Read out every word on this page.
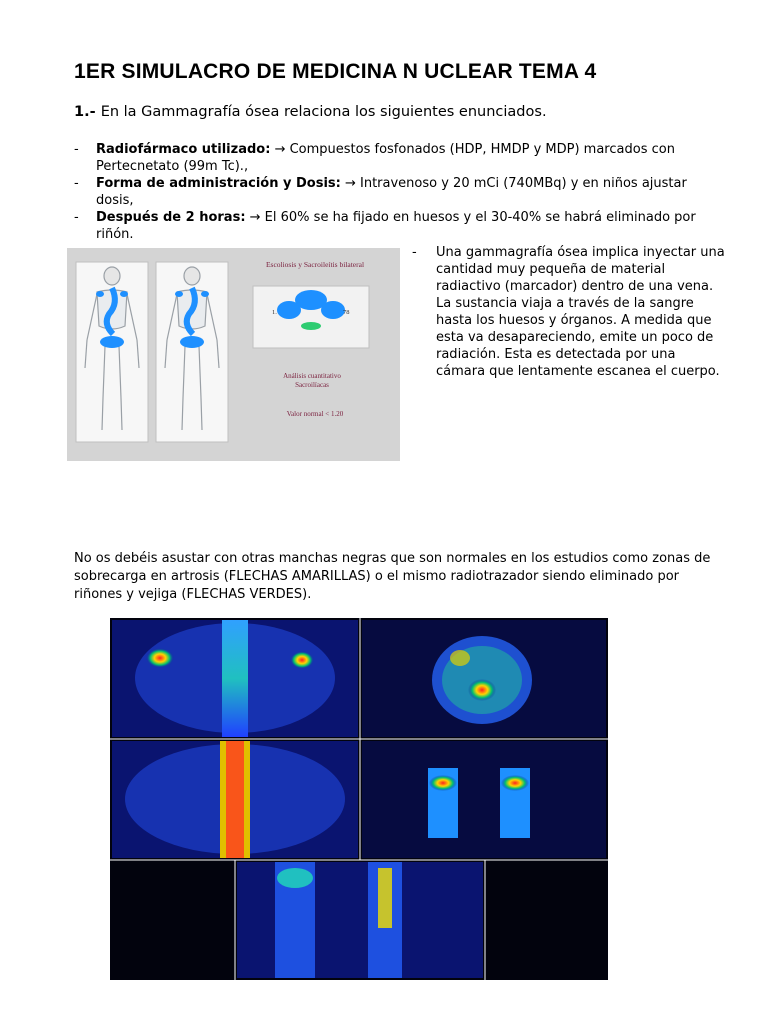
1ER SIMULACRO DE MEDICINA N UCLEAR TEMA 4

1.- En la Gammagrafía ósea relaciona los siguientes enunciados.

- Radiofármaco utilizado: → Compuestos fosfonados (HDP, HMDP y MDP) marcados con Pertecnetato (99m Tc).,
- Forma de administración y Dosis: → Intravenoso y 20 mCi (740MBq) y en niños ajustar dosis,
- Después de 2 horas: → El 60% se ha fijado en huesos y el 30-40% se habrá eliminado por riñón.
Escoliosis y Sacroileítis bilateral
1.	78
Análisis cuantitativo
Sacroilíacas
Valor normal < 1.20

- Una gammagrafía ósea implica inyectar una cantidad muy pequeña de material radiactivo (marcador) dentro de una vena. La sustancia viaja a través de la sangre hasta los huesos y órganos. A medida que esta va desapareciendo, emite un poco de radiación. Esta es detectada por una cámara que lentamente escanea el cuerpo.

No os debéis asustar con otras manchas negras que son normales en los estudios como zonas de sobrecarga en artrosis (FLECHAS AMARILLAS) o el mismo radiotrazador siendo eliminado por riñones y vejiga (FLECHAS VERDES).
